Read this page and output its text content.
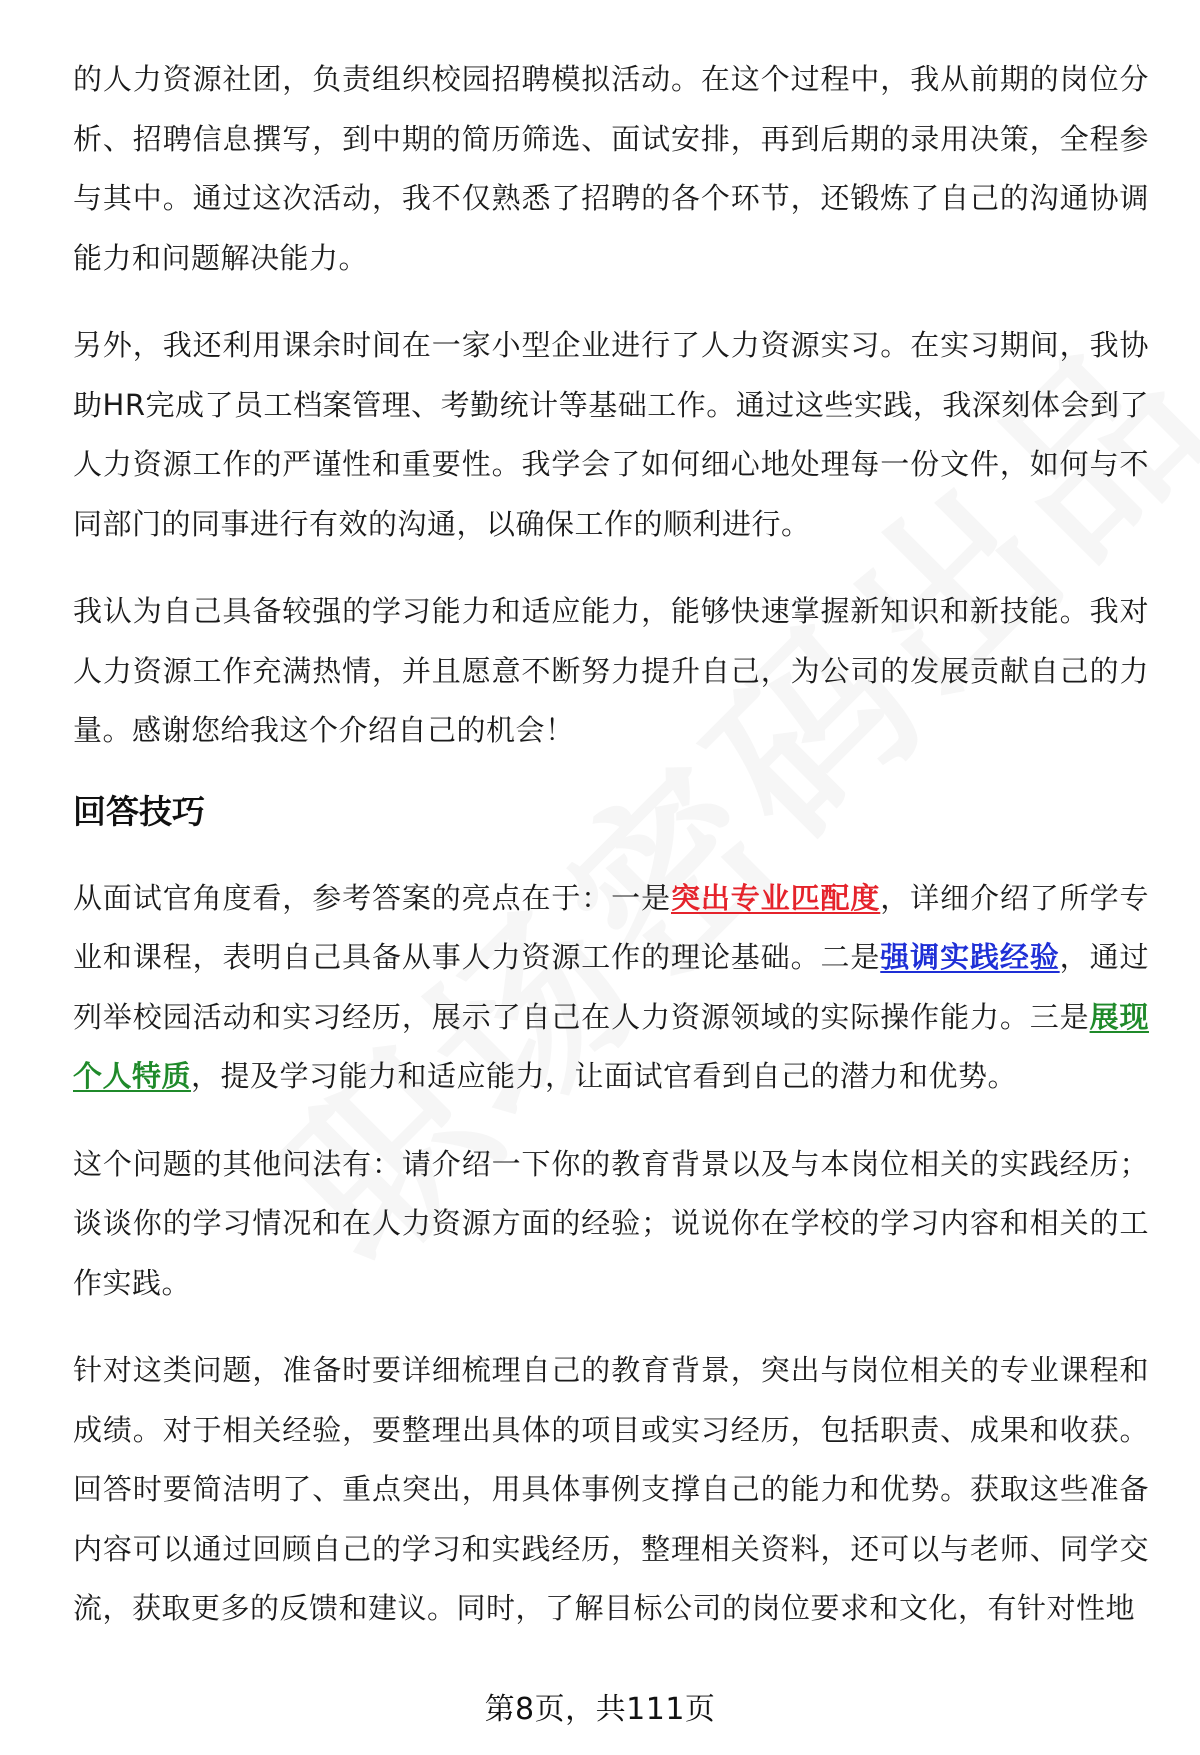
的人力资源社团，负责组织校园招聘模拟活动。在这个过程中，我从前期的岗位分析、招聘信息撰写，到中期的简历筛选、面试安排，再到后期的录用决策，全程参与其中。通过这次活动，我不仅熟悉了招聘的各个环节，还锻炼了自己的沟通协调能力和问题解决能力。

另外，我还利用课余时间在一家小型企业进行了人力资源实习。在实习期间，我协助HR完成了员工档案管理、考勤统计等基础工作。通过这些实践，我深刻体会到了人力资源工作的严谨性和重要性。我学会了如何细心地处理每一份文件，如何与不同部门的同事进行有效的沟通，以确保工作的顺利进行。

我认为自己具备较强的学习能力和适应能力，能够快速掌握新知识和新技能。我对人力资源工作充满热情，并且愿意不断努力提升自己，为公司的发展贡献自己的力量。感谢您给我这个介绍自己的机会！

回答技巧

从面试官角度看，参考答案的亮点在于：一是突出专业匹配度，详细介绍了所学专业和课程，表明自己具备从事人力资源工作的理论基础。二是强调实践经验，通过列举校园活动和实习经历，展示了自己在人力资源领域的实际操作能力。三是展现个人特质，提及学习能力和适应能力，让面试官看到自己的潜力和优势。

这个问题的其他问法有：请介绍一下你的教育背景以及与本岗位相关的实践经历；谈谈你的学习情况和在人力资源方面的经验；说说你在学校的学习内容和相关的工作实践。

针对这类问题，准备时要详细梳理自己的教育背景，突出与岗位相关的专业课程和成绩。对于相关经验，要整理出具体的项目或实习经历，包括职责、成果和收获。回答时要简洁明了、重点突出，用具体事例支撑自己的能力和优势。获取这些准备内容可以通过回顾自己的学习和实践经历，整理相关资料，还可以与老师、同学交流，获取更多的反馈和建议。同时，了解目标公司的岗位要求和文化，有针对性地

第8页，共111页
